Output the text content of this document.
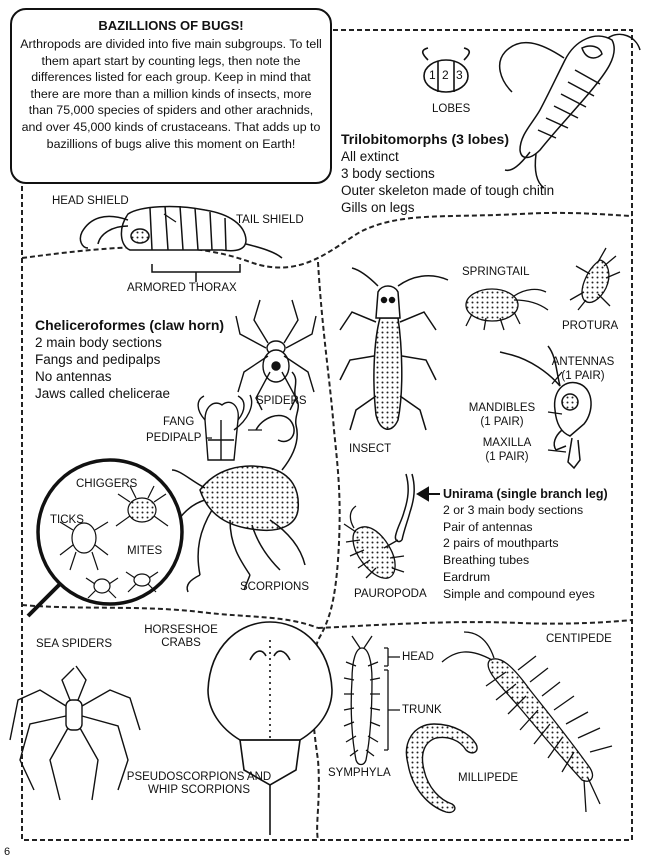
BAZILLIONS OF BUGS!

Arthropods are divided into five main subgroups. To tell them apart start by counting legs, then note the differences listed for each group. Keep in mind that there are more than a million kinds of insects, more than 75,000 species of spiders and other arachnids, and over 45,000 kinds of crustaceans. That adds up to bazillions of bugs alive this moment on Earth!

1 2 3
LOBES
Trilobitomorphs (3 lobes)
All extinct
3 body sections
Outer skeleton made of tough chitin
Gills on legs
HEAD SHIELD
TAIL SHIELD
ARMORED THORAX
Cheliceroformes (claw horn)
2 main body sections
Fangs and pedipalps
No antennas
Jaws called chelicerae	SPIDERS
FANG
PEDIPALP
CHIGGERS
TICKS
MITES
SCORPIONS
SEA SPIDERS
HORSESHOE CRABS
PSEUDOSCORPIONS AND WHIP SCORPIONS
SPRINGTAIL
PROTURA
ANTENNAS
(1 PAIR)
MANDIBLES
(1 PAIR)
MAXILLA
(1 PAIR)
INSECT
Unirama (single branch leg)
2 or 3 main body sections
Pair of antennas
2 pairs of mouthparts
Breathing tubes
Eardrum
Simple and compound eyes
PAUROPODA
HEAD
TRUNK
SYMPHYLA
CENTIPEDE
MILLIPEDE
6
